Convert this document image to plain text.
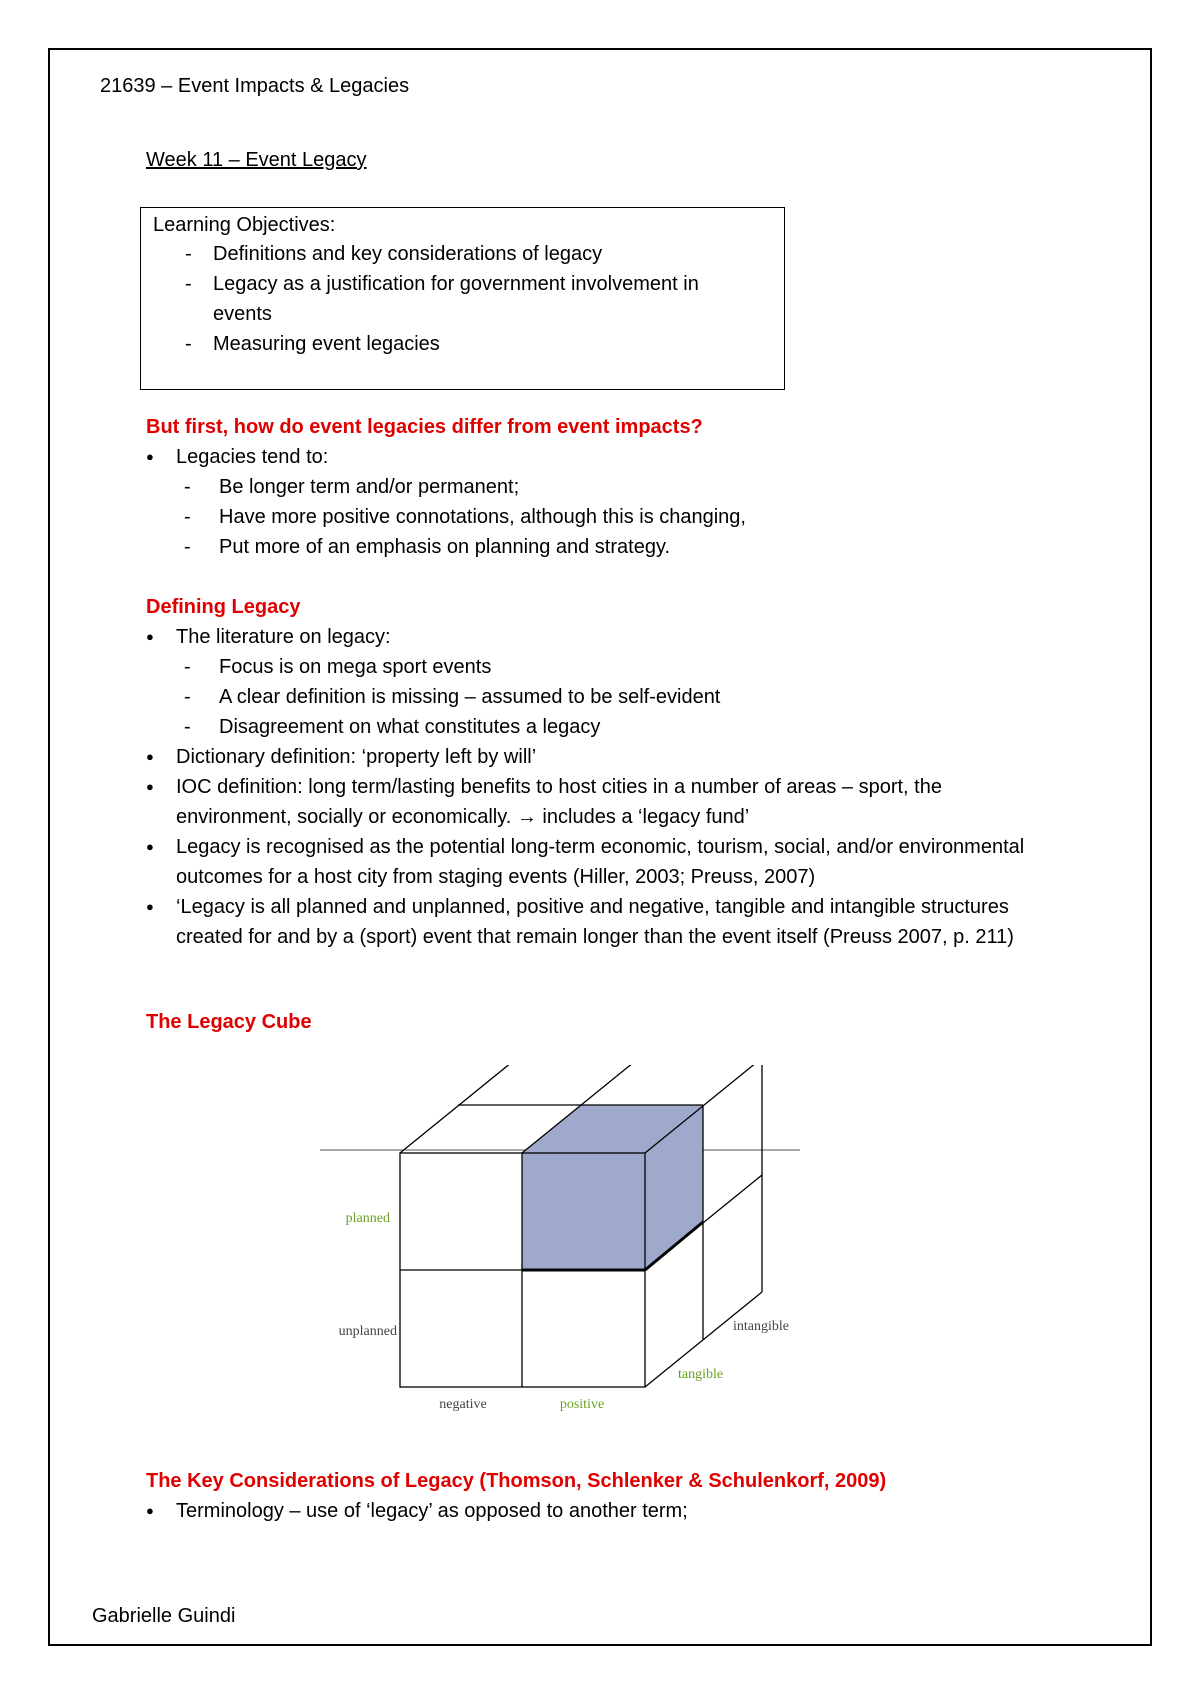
21639 – Event Impacts & Legacies
Week 11 – Event Legacy
Learning Objectives:
- Definitions and key considerations of legacy
- Legacy as a justification for government involvement in events
- Measuring event legacies
But first, how do event legacies differ from event impacts?
● Legacies tend to:
- Be longer term and/or permanent;
- Have more positive connotations, although this is changing,
- Put more of an emphasis on planning and strategy.
Defining Legacy
● The literature on legacy:
- Focus is on mega sport events
- A clear definition is missing – assumed to be self-evident
- Disagreement on what constitutes a legacy
● Dictionary definition: ‘property left by will’
● IOC definition: long term/lasting benefits to host cities in a number of areas – sport, the environment, socially or economically. → includes a ‘legacy fund’
● Legacy is recognised as the potential long-term economic, tourism, social, and/or environmental outcomes for a host city from staging events (Hiller, 2003; Preuss, 2007)
● ‘Legacy is all planned and unplanned, positive and negative, tangible and intangible structures created for and by a (sport) event that remain longer than the event itself (Preuss 2007, p. 211)
The Legacy Cube
planned
unplanned
negative	positive
tangible
intangible
The Key Considerations of Legacy (Thomson, Schlenker & Schulenkorf, 2009)
● Terminology – use of ‘legacy’ as opposed to another term;
Gabrielle Guindi
